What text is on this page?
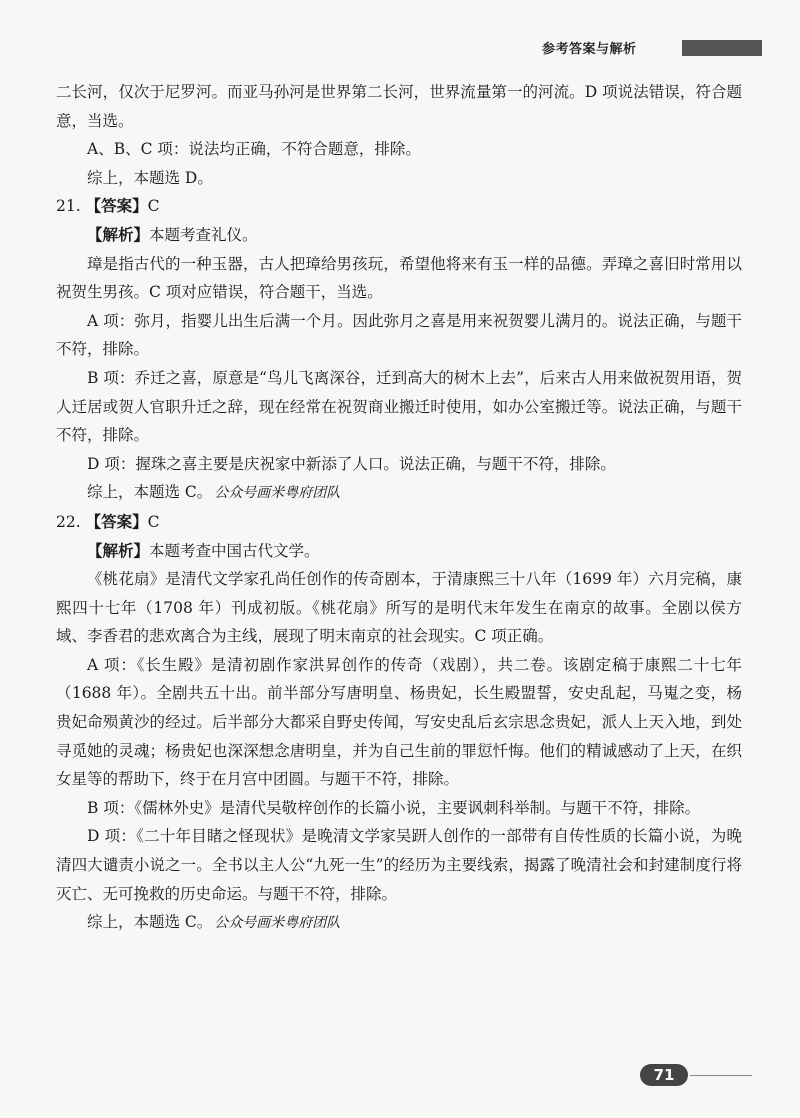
参考答案与解析

二长河，仅次于尼罗河。而亚马孙河是世界第二长河，世界流量第一的河流。D 项说法错误，符合题意，当选。

A、B、C 项：说法均正确，不符合题意，排除。

综上，本题选 D。

21. 【答案】C

【解析】本题考查礼仪。

璋是指古代的一种玉器，古人把璋给男孩玩，希望他将来有玉一样的品德。弄璋之喜旧时常用以祝贺生男孩。C 项对应错误，符合题干，当选。

A 项：弥月，指婴儿出生后满一个月。因此弥月之喜是用来祝贺婴儿满月的。说法正确，与题干不符，排除。

B 项：乔迁之喜，原意是“鸟儿飞离深谷，迁到高大的树木上去”，后来古人用来做祝贺用语，贺人迁居或贺人官职升迁之辞，现在经常在祝贺商业搬迁时使用，如办公室搬迁等。说法正确，与题干不符，排除。

D 项：握珠之喜主要是庆祝家中新添了人口。说法正确，与题干不符，排除。

综上，本题选 C。 公众号画米粤府团队

22. 【答案】C

【解析】本题考查中国古代文学。

《桃花扇》是清代文学家孔尚任创作的传奇剧本，于清康熙三十八年（1699 年）六月完稿，康熙四十七年（1708 年）刊成初版。《桃花扇》所写的是明代末年发生在南京的故事。全剧以侯方域、李香君的悲欢离合为主线，展现了明末南京的社会现实。C 项正确。

A 项：《长生殿》是清初剧作家洪昇创作的传奇（戏剧），共二卷。该剧定稿于康熙二十七年（1688 年）。全剧共五十出。前半部分写唐明皇、杨贵妃，长生殿盟誓，安史乱起，马嵬之变，杨贵妃命殒黄沙的经过。后半部分大都采自野史传闻，写安史乱后玄宗思念贵妃，派人上天入地，到处寻觅她的灵魂；杨贵妃也深深想念唐明皇，并为自己生前的罪愆忏悔。他们的精诚感动了上天，在织女星等的帮助下，终于在月宫中团圆。与题干不符，排除。

B 项：《儒林外史》是清代吴敬梓创作的长篇小说，主要讽刺科举制。与题干不符，排除。

D 项：《二十年目睹之怪现状》是晚清文学家吴趼人创作的一部带有自传性质的长篇小说，为晚清四大谴责小说之一。全书以主人公“九死一生”的经历为主要线索，揭露了晚清社会和封建制度行将灭亡、无可挽救的历史命运。与题干不符，排除。

综上，本题选 C。 公众号画米粤府团队

71
